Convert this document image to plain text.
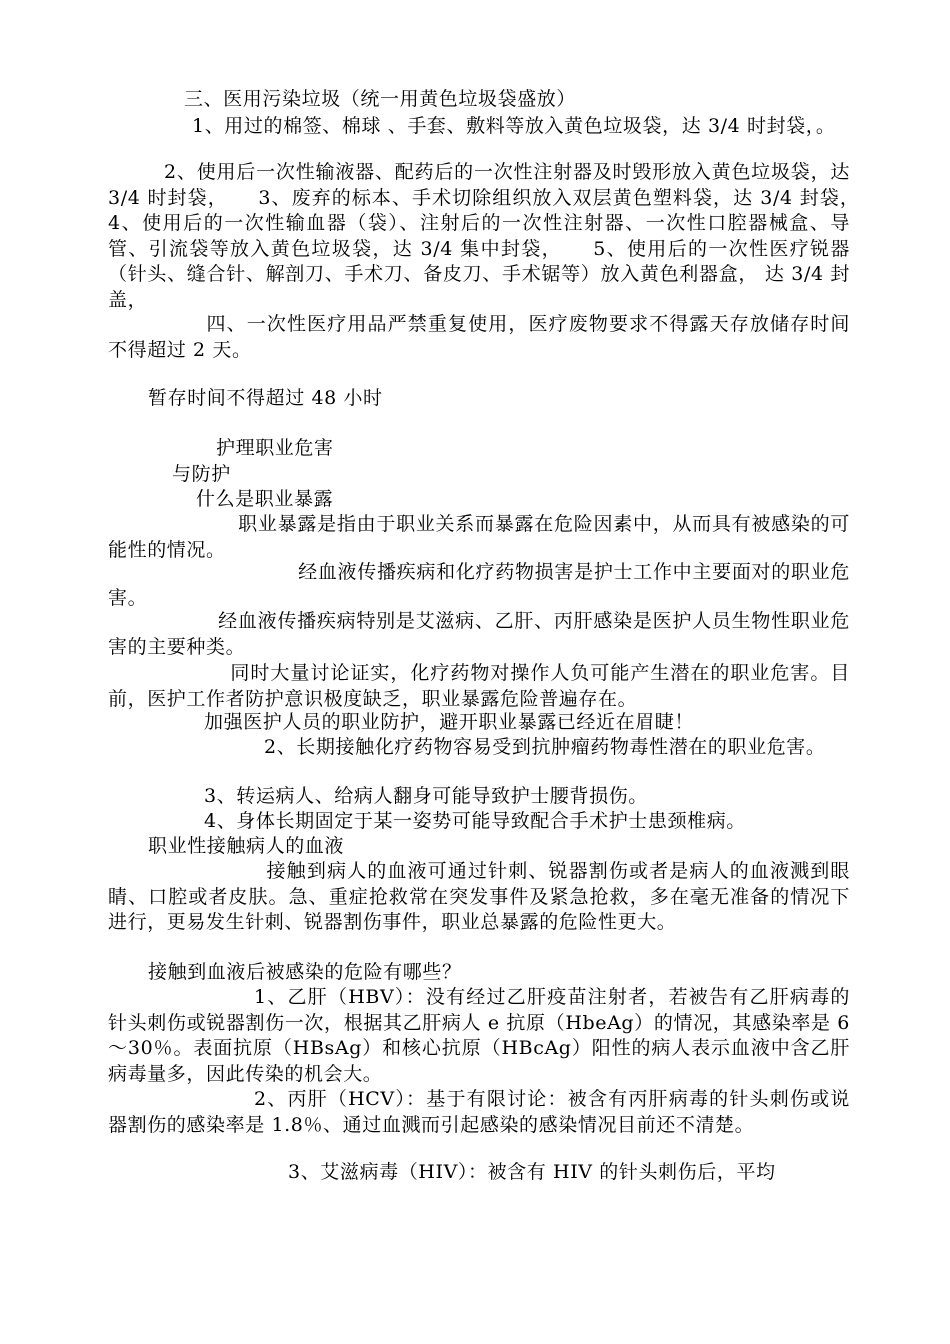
三、医用污染垃圾（统一用黄色垃圾袋盛放）

1、用过的棉签、棉球 、手套、敷料等放入黄色垃圾袋，达 3/4 时封袋，。

2、使用后一次性输液器、配药后的一次性注射器及时毁形放入黄色垃圾袋，达 3/4 时封袋，　　3、废弃的标本、手术切除组织放入双层黄色塑料袋，达 3/4 封袋，　4、使用后的一次性输血器（袋）、注射后的一次性注射器、一次性口腔器械盒、导管、引流袋等放入黄色垃圾袋，达 3/4 集中封袋，　　5、使用后的一次性医疗锐器（针头、缝合针、解剖刀、手术刀、备皮刀、手术锯等）放入黄色利器盒， 达 3/4 封盖，

四、一次性医疗用品严禁重复使用，医疗废物要求不得露天存放储存时间不得超过 2 天。

暂存时间不得超过 48 小时

护理职业危害

与防护

什么是职业暴露

职业暴露是指由于职业关系而暴露在危险因素中，从而具有被感染的可能性的情况。

经血液传播疾病和化疗药物损害是护士工作中主要面对的职业危害。

经血液传播疾病特别是艾滋病、乙肝、丙肝感染是医护人员生物性职业危害的主要种类。

同时大量讨论证实，化疗药物对操作人负可能产生潜在的职业危害。目前，医护工作者防护意识极度缺乏，职业暴露危险普遍存在。

加强医护人员的职业防护，避开职业暴露已经近在眉睫！

2、长期接触化疗药物容易受到抗肿瘤药物毒性潜在的职业危害。

3、转运病人、给病人翻身可能导致护士腰背损伤。

4、身体长期固定于某一姿势可能导致配合手术护士患颈椎病。

职业性接触病人的血液

接触到病人的血液可通过针刺、锐器割伤或者是病人的血液溅到眼睛、口腔或者皮肤。急、重症抢救常在突发事件及紧急抢救，多在毫无准备的情况下进行，更易发生针刺、锐器割伤事件，职业总暴露的危险性更大。

接触到血液后被感染的危险有哪些？

1、乙肝（HBV）：没有经过乙肝疫苗注射者，若被告有乙肝病毒的针头刺伤或锐器割伤一次，根据其乙肝病人 e 抗原（HbeAg）的情况，其感染率是 6～30％。表面抗原（HBsAg）和核心抗原（HBcAg）阳性的病人表示血液中含乙肝病毒量多，因此传染的机会大。

2、丙肝（HCV）：基于有限讨论：被含有丙肝病毒的针头刺伤或说器割伤的感染率是 1.8％、通过血溅而引起感染的感染情况目前还不清楚。

3、艾滋病毒（HIV）：被含有 HIV 的针头刺伤后，平均
